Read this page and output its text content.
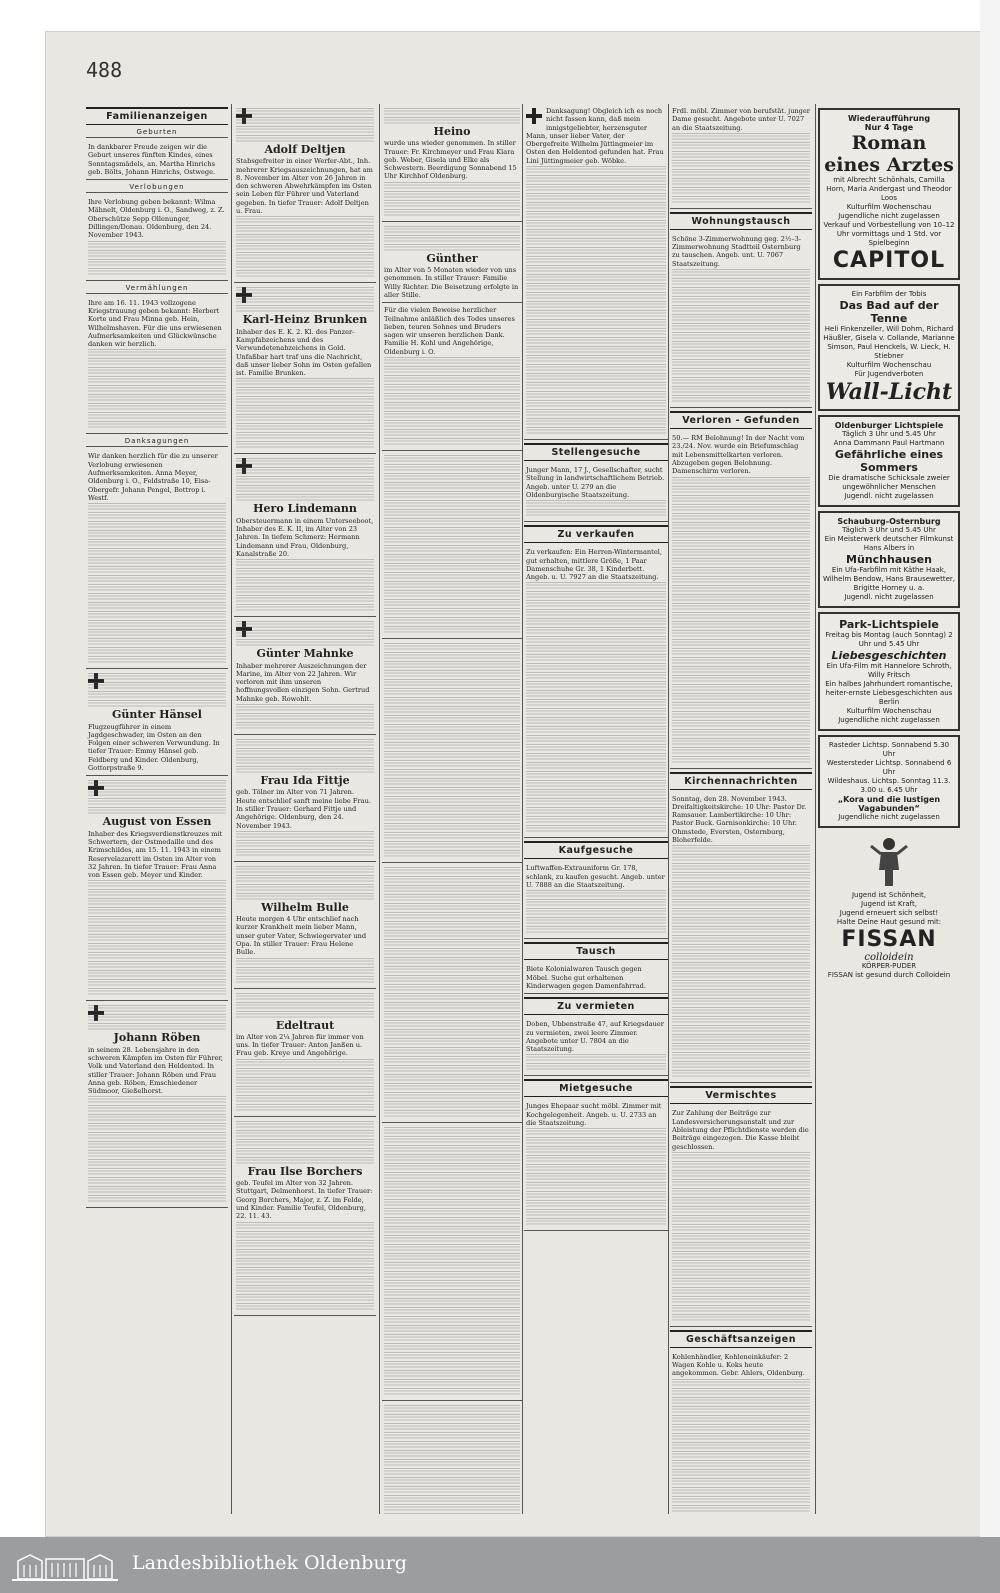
488
Familienanzeigen
Geburten
In dankbarer Freude zeigen wir die Geburt unseres fünften Kindes, eines Sonntagsmädels, an. Martha Hinrichs geb. Bölts, Johann Hinrichs, Ostwege.
Verlobungen
Ihre Verlobung geben bekannt: Wilma Mähnelt, Oldenburg i. O., Sandweg, z. Z. Oberschütze Sepp Ollenunger, Dillingen/Donau. Oldenburg, den 24. November 1943.
Vermählungen
Ihre am 16. 11. 1943 vollzogene Kriegstrauung geben bekannt: Herbert Korte und Frau Minna geb. Hein, Wilhelmshaven. Für die uns erwiesenen Aufmerksamkeiten und Glückwünsche danken wir herzlich.
Danksagungen
Wir danken herzlich für die zu unserer Verlobung erwiesenen Aufmerksamkeiten. Anna Meyer, Oldenburg i. O., Feldstraße 10, Eisa-Obergefr. Johann Pengel, Bottrop i. Westf.
Günter Hänsel
Flugzeugführer in einem Jagdgeschwader, im Osten an den Folgen einer schweren Verwundung. In tiefer Trauer: Emmy Hänsel geb. Feldberg und Kinder. Oldenburg, Gottorpstraße 9.
August von Essen
Inhaber des Kriegsverdienstkreuzes mit Schwertern, der Ostmedaille und des Krimschildes, am 15. 11. 1943 in einem Reservelazarett im Osten im Alter von 32 Jahren. In tiefer Trauer: Frau Anna von Essen geb. Meyer und Kinder.
Johann Röben
in seinem 28. Lebensjahre in den schweren Kämpfen im Osten für Führer, Volk und Vaterland den Heldentod. In stiller Trauer: Johann Röben und Frau Anna geb. Röben, Emschiedener Südmoor, Gießelhorst.
Adolf Deltjen
Stabsgefreiter in einer Werfer-Abt., Inh. mehrerer Kriegsauszeichnungen, hat am 8. November im Alter von 26 Jahren in den schweren Abwehrkämpfen im Osten sein Leben für Führer und Vaterland gegeben. In tiefer Trauer: Adolf Deltjen u. Frau.
Karl-Heinz Brunken
Inhaber des E. K. 2. Kl. des Panzer-Kampfabzeichens und des Verwundetenabzeichens in Gold. Unfaßbar hart traf uns die Nachricht, daß unser lieber Sohn im Osten gefallen ist. Familie Brunken.
Hero Lindemann
Obersteuermann in einem Unterseeboot, Inhaber des E. K. II, im Alter von 23 Jahren. In tiefem Schmerz: Hermann Lindemann und Frau, Oldenburg, Kanalstraße 20.
Günter Mahnke
Inhaber mehrerer Auszeichnungen der Marine, im Alter von 22 Jahren. Wir verloren mit ihm unseren hoffnungsvollen einzigen Sohn. Gertrud Mahnke geb. Rowohlt.
Frau Ida Fittje
geb. Tölner im Alter von 71 Jahren. Heute entschlief sanft meine liebe Frau. In stiller Trauer: Gerhard Fittje und Angehörige. Oldenburg, den 24. November 1943.
Wilhelm Bulle
Heute morgen 4 Uhr entschlief nach kurzer Krankheit mein lieber Mann, unser guter Vater, Schwiegervater und Opa. In stiller Trauer: Frau Helene Bulle.
Edeltraut
im Alter von 2¼ Jahren für immer von uns. In tiefer Trauer: Anton Janßen u. Frau geb. Kreye und Angehörige.
Frau Ilse Borchers
geb. Teufel im Alter von 32 Jahren. Stuttgart, Delmenhorst. In tiefer Trauer: Georg Borchers, Major, z. Z. im Felde, und Kinder. Familie Teufel, Oldenburg, 22. 11. 43.
Heino
wurde uns wieder genommen. In stiller Trauer: Fr. Kirchmeyer und Frau Klara geb. Weber, Gisela und Elke als Schwestern. Beerdigung Sonnabend 15 Uhr Kirchhof Oldenburg.
Günther
im Alter von 5 Monaten wieder von uns genommen. In stiller Trauer: Familie Willy Richter. Die Beisetzung erfolgte in aller Stille.
Für die vielen Beweise herzlicher Teilnahme anläßlich des Todes unseres lieben, teuren Sohnes und Bruders sagen wir unseren herzlichen Dank. Familie H. Kohl und Angehörige, Oldenburg i. O.
Danksagung! Obgleich ich es noch nicht fassen kann, daß mein innigstgeliebter, herzensguter Mann, unser lieber Vater, der Obergefreite Wilhelm Jüttingmeier im Osten den Heldentod gefunden hat. Frau Lini Jüttingmeier geb. Wöbke.
Stellengesuche
Junger Mann, 17 J., Gesellschafter, sucht Stellung in landwirtschaftlichem Betrieb. Angeb. unter U. 279 an die Oldenburgische Staatszeitung.
Zu verkaufen
Zu verkaufen: Ein Herren-Wintermantel, gut erhalten, mittlere Größe, 1 Paar Damenschuhe Gr. 38, 1 Kinderbett. Angeb. u. U. 7927 an die Staatszeitung.
Kaufgesuche
Luftwaffen-Extrauniform Gr. 178, schlank, zu kaufen gesucht. Angeb. unter U. 7888 an die Staatszeitung.
Tausch
Biete Kolonialwaren Tausch gegen Möbel. Suche gut erhaltenen Kinderwagen gegen Damenfahrrad.
Zu vermieten
Doben, Ubbenstraße 47, auf Kriegsdauer zu vermieten, zwei leere Zimmer. Angebote unter U. 7804 an die Staatszeitung.
Mietgesuche
Junges Ehepaar sucht möbl. Zimmer mit Kochgelegenheit. Angeb. u. U. 2733 an die Staatszeitung.
Frdl. möbl. Zimmer von berufstät. junger Dame gesucht. Angebote unter U. 7027 an die Staatszeitung.
Wohnungstausch
Schöne 3-Zimmerwohnung geg. 2½–3-Zimmerwohnung Stadtteil Osternburg zu tauschen. Angeb. unt. U. 7067 Staatszeitung.
Verloren - Gefunden
50.— RM Belohnung! In der Nacht vom 23./24. Nov. wurde ein Briefumschlag mit Lebensmittelkarten verloren. Abzugeben gegen Belohnung. Damenschirm verloren.
Kirchennachrichten
Sonntag, den 28. November 1943. Dreifaltigkeitskirche: 10 Uhr: Pastor Dr. Ramsauer. Lambertikirche: 10 Uhr: Pastor Buck. Garnisonkirche: 10 Uhr. Ohmstede, Eversten, Osternburg, Bloherfelde.
Vermischtes
Zur Zahlung der Beiträge zur Landesversicherungsanstalt und zur Ableistung der Pflichtdienste werden die Beiträge eingezogen. Die Kasse bleibt geschlossen.
Geschäftsanzeigen
Kohlenhändler, Kohleneinkäufer: 2 Wagen Kohle u. Koks heute angekommen. Gebr. Ahlers, Oldenburg.
Wiederaufführung
Nur 4 Tage
Roman eines Arztes
mit Albrecht Schönhals, Camilla Horn, Maria Andergast und Theodor Loos
Kulturfilm Wochenschau
Jugendliche nicht zugelassen
Verkauf und Vorbestellung von 10–12 Uhr vormittags und 1 Std. vor Spielbeginn
CAPITOL
Ein Farbfilm der Tobis
Das Bad auf der Tenne
Heli Finkenzeller, Will Dohm, Richard Häußler, Gisela v. Collande, Marianne Simson, Paul Henckels, W. Lieck, H. Stiebner
Kulturfilm Wochenschau
Für Jugendverboten
Wall-Licht
Oldenburger Lichtspiele
Täglich 3 Uhr und 5.45 Uhr
Anna Dammann Paul Hartmann
Gefährliche eines Sommers
Die dramatische Schicksale zweier ungewöhnlicher Menschen
Jugendl. nicht zugelassen
Schauburg-Osternburg
Täglich 3 Uhr und 5.45 Uhr
Ein Meisterwerk deutscher Filmkunst
Hans Albers in
Münchhausen
Ein Ufa-Farbfilm mit Käthe Haak, Wilhelm Bendow, Hans Brausewetter, Brigitte Horney u. a.
Jugendl. nicht zugelassen
Park-Lichtspiele
Freitag bis Montag (auch Sonntag) 2 Uhr und 5.45 Uhr
Liebesgeschichten
Ein Ufa-Film mit Hannelore Schroth, Willy Fritsch
Ein halbes Jahrhundert romantische, heiter-ernste Liebesgeschichten aus Berlin
Kulturfilm Wochenschau
Jugendliche nicht zugelassen
Rasteder Lichtsp. Sonnabend 5.30 Uhr
Westersteder Lichtsp. Sonnabend 6 Uhr
Wildeshaus. Lichtsp. Sonntag 11.3. 3.00 u. 6.45 Uhr
„Kora und die lustigen Vagabunden“
Jugendliche nicht zugelassen
Jugend ist Schönheit,
Jugend ist Kraft,
Jugend erneuert sich selbst!
Halte Deine Haut gesund mit:
FISSAN
colloidein
KÖRPER-PUDER
FISSAN ist gesund durch Colloidein
Landesbibliothek Oldenburg
